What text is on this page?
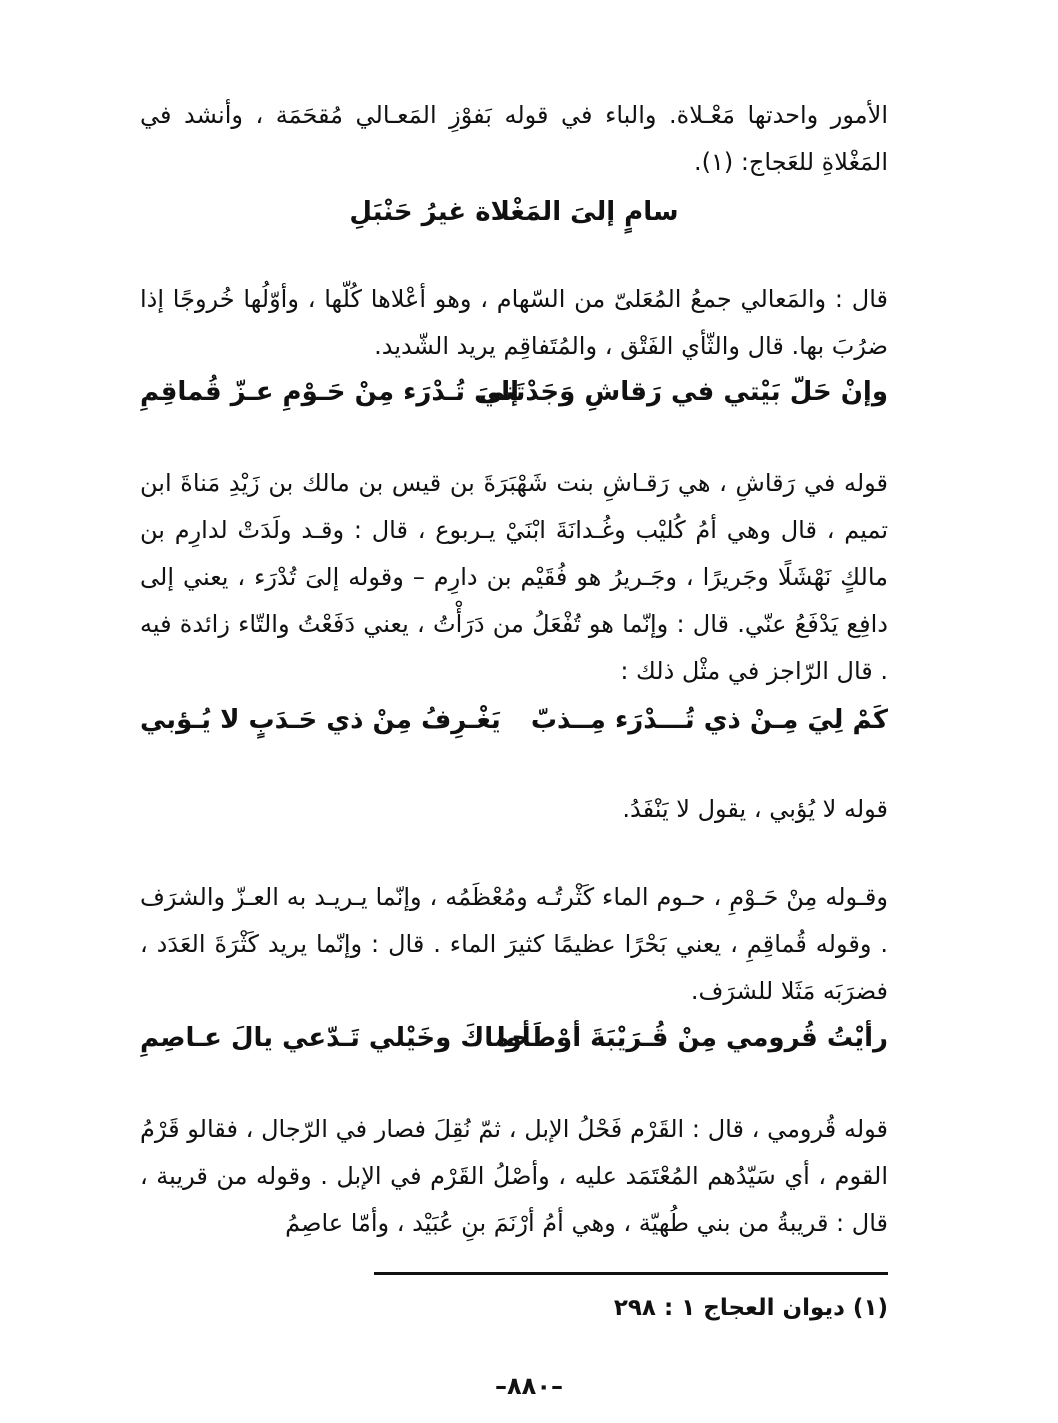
الأمور واحدتها مَعْـلاة. والباء في قوله بَفوْزِ المَعـالي مُقحَمَة ، وأنشد في المَغْلاةِ للعَجاج: (١).

سامٍ إلىَ المَغْلاة غيرُ حَنْبَلِ

قال : والمَعالي جمعُ المُعَلىّ من السّهام ، وهو أعْلاها كُلّها ، وأوّلُها خُروجًا إذا ضرُبَ بها. قال والثّأي الفَتْق ، والمُتَفاقِم يريد الشّديد.

وإنْ حَلّ بَيْتي في رَقاشِ وَجَدْتَني
إلىَ تُـدْرَء مِنْ حَـوْمِ عـزّ قُماقِمِ

قوله في رَقاشِ ، هي رَقـاشِ بنت شَهْبَرَةَ بن قيس بن مالك بن زَيْدِ مَناةَ ابن تميم ، قال وهي أمُ كُليْب وغُـدانَةَ ابْنَيْ يـربوع ، قال : وقـد ولَدَتْ لدارِم بن مالكٍ نَهْشَلًا وجَريرًا ، وجَـريرُ هو فُقَيْم بن دارِم – وقوله إلىَ تُدْرَء ، يعني إلى دافِع يَدْفَعُ عنّي. قال : وإنّما هو تُفْعَلُ من دَرَأْتُ ، يعني دَفَعْتُ والتّاء زائدة فيه . قال الرّاجز في مثْل ذلك :

كَمْ لِيَ مِـنْ ذي تُـــدْرَء مِــذبّ
يَغْـرِفُ مِنْ ذي حَـدَبٍ لا يُـؤبي

قوله لا يُؤبي ، يقول لا يَنْفَدُ.

وقـوله مِنْ حَـوْمِ ، حـوم الماء كَثْرتُـه ومُعْظَمُه ، وإنّما يـريـد به العـزّ والشرَف . وقوله قُماقِمِ ، يعني بَحْرًا عظيمًا كثيرَ الماء . قال : وإنّما يريد كَثْرَةَ العَدَد ، فضرَبَه مَثَلا للشرَف.

رأيْتُ قُرومي مِنْ قُـرَيْبَةَ أوْطَأوا
حماكَ وخَيْلي تَـدّعي يالَ عـاصِمِ

قوله قُرومي ، قال : القَرْم فَحْلُ الإبل ، ثمّ نُقِلَ فصار في الرّجال ، فقالو قَرْمُ القوم ، أي سَيّدُهم المُعْتَمَد عليه ، وأصْلُ القَرْم في الإبل . وقوله من قريبة ، قال : قريبةُ من بني طُهيّة ، وهي أمُ أرْنَمَ بنِ عُبَيْد ، وأمّا عاصِمُ

(١) ديوان العجاج ١ : ٢٩٨
–٨٨٠–
